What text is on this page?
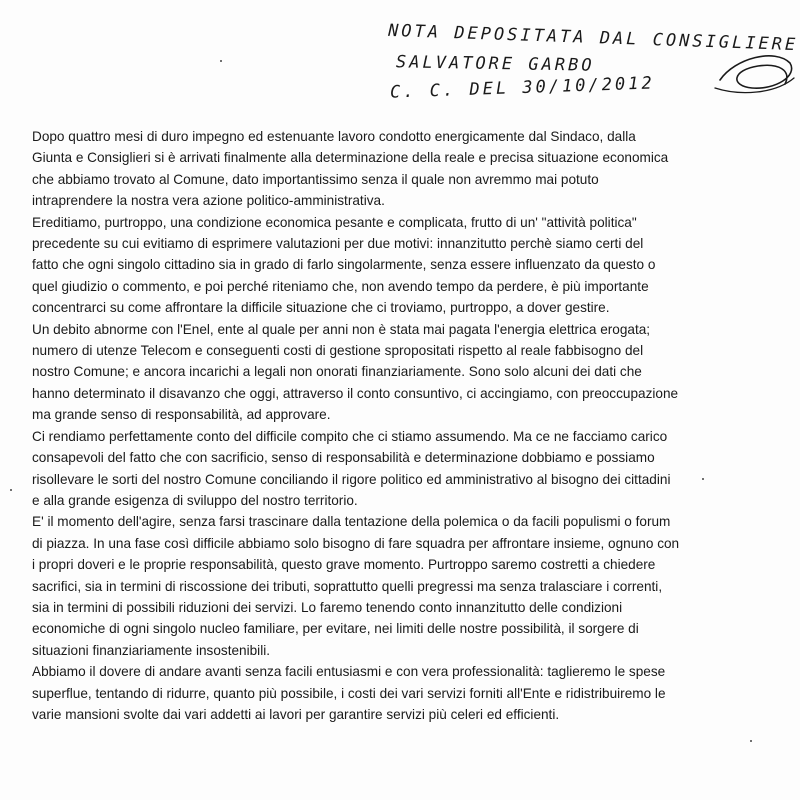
NOTA DEPOSITATA DAL CONSIGLIERE
SALVATORE GARBO
C. C. DEL 30/10/2012
Dopo quattro mesi di duro impegno ed estenuante lavoro condotto energicamente dal Sindaco, dalla
Giunta e Consiglieri si è arrivati finalmente alla determinazione della reale e precisa situazione economica
che abbiamo trovato al Comune, dato importantissimo senza il quale non avremmo mai potuto
intraprendere la nostra vera azione politico-amministrativa.
Ereditiamo, purtroppo, una condizione economica pesante e complicata, frutto di un' "attività politica"
precedente su cui evitiamo di esprimere valutazioni per due motivi: innanzitutto perchè siamo certi del
fatto che ogni singolo cittadino sia in grado di farlo singolarmente, senza essere influenzato da questo o
quel giudizio o commento, e poi perché riteniamo che, non avendo tempo da perdere, è più importante
concentrarci su come affrontare la difficile situazione che ci troviamo, purtroppo, a dover gestire.
Un debito abnorme con l'Enel, ente al quale per anni non è stata mai pagata l'energia elettrica erogata;
numero di utenze Telecom e conseguenti costi di gestione spropositati rispetto al reale fabbisogno del
nostro Comune; e ancora incarichi a legali non onorati finanziariamente. Sono solo alcuni dei dati che
hanno determinato il disavanzo che oggi, attraverso il conto consuntivo, ci accingiamo, con preoccupazione
ma grande senso di responsabilità, ad approvare.
Ci rendiamo perfettamente conto del difficile compito che ci stiamo assumendo. Ma ce ne facciamo carico
consapevoli del fatto che con sacrificio, senso di responsabilità e determinazione dobbiamo e possiamo
risollevare le sorti del nostro Comune conciliando il rigore politico ed amministrativo al bisogno dei cittadini
e alla grande esigenza di sviluppo del nostro territorio.
E' il momento dell'agire, senza farsi trascinare dalla tentazione della polemica o da facili populismi o forum
di piazza. In una fase così difficile abbiamo solo bisogno di fare squadra per affrontare insieme, ognuno con
i propri doveri e le proprie responsabilità, questo grave momento. Purtroppo saremo costretti a chiedere
sacrifici, sia in termini di riscossione dei tributi, soprattutto quelli pregressi ma senza tralasciare i correnti,
sia in termini di possibili riduzioni dei servizi. Lo faremo tenendo conto innanzitutto delle condizioni
economiche di ogni singolo nucleo familiare, per evitare, nei limiti delle nostre possibilità, il sorgere di
situazioni finanziariamente insostenibili.
Abbiamo il dovere di andare avanti senza facili entusiasmi e con vera professionalità: taglieremo le spese
superflue, tentando di ridurre, quanto più possibile, i costi dei vari servizi forniti all'Ente e ridistribuiremo le
varie mansioni svolte dai vari addetti ai lavori per garantire servizi più celeri ed efficienti.
